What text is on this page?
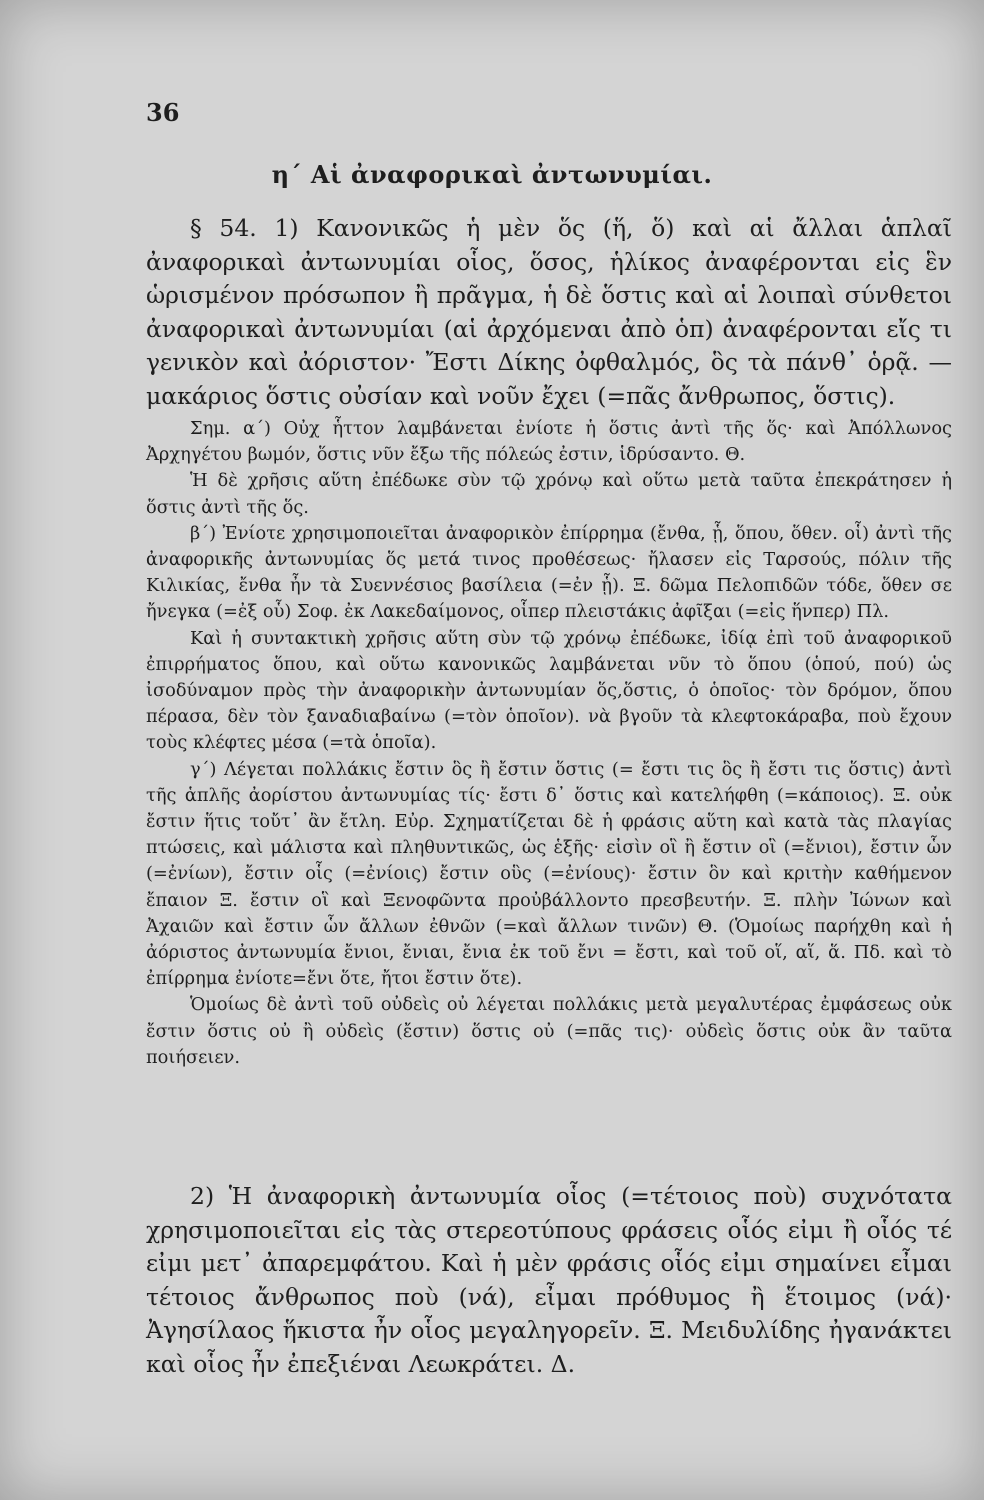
36
η΄ Αἱ ἀναφορικαὶ ἀντωνυμίαι.

§ 54. 1) Κανονικῶς ἡ μὲν ὅς (ἥ, ὅ) καὶ αἱ ἄλλαι ἁπλαῖ ἀναφορικαὶ ἀντωνυμίαι οἷος, ὅσος, ἡλίκος ἀναφέρονται εἰς ἓν ὡρισμένον πρόσωπον ἢ πρᾶγμα, ἡ δὲ ὅστις καὶ αἱ λοιπαὶ σύνθετοι ἀναφορικαὶ ἀντωνυμίαι (αἱ ἀρχόμεναι ἀπὸ ὁπ) ἀναφέρονται εἴς τι γενικὸν καὶ ἀόριστον· Ἔστι Δίκης ὀφθαλμός, ὃς τὰ πάνθ᾽ ὁρᾷ. —μακάριος ὅστις οὐσίαν καὶ νοῦν ἔχει (=πᾶς ἄνθρωπος, ὅστις).

Σημ. α΄) Οὐχ ἧττον λαμβάνεται ἐνίοτε ἡ ὅστις ἀντὶ τῆς ὅς· καὶ Ἀπόλλωνος Ἀρχηγέτου βωμόν, ὅστις νῦν ἔξω τῆς πόλεώς ἐστιν, ἱδρύσαντο. Θ.

Ἡ δὲ χρῆσις αὕτη ἐπέδωκε σὺν τῷ χρόνῳ καὶ οὕτω μετὰ ταῦτα ἐπεκράτησεν ἡ ὅστις ἀντὶ τῆς ὅς.

β΄) Ἐνίοτε χρησιμοποιεῖται ἀναφορικὸν ἐπίρρημα (ἔνθα, ᾗ, ὅπου, ὅθεν. οἷ) ἀντὶ τῆς ἀναφορικῆς ἀντωνυμίας ὅς μετά τινος προθέσεως· ἤλασεν εἰς Ταρσούς, πόλιν τῆς Κιλικίας, ἔνθα ἦν τὰ Συεννέσιος βασίλεια (=ἐν ᾗ). Ξ. δῶμα Πελοπιδῶν τόδε, ὅθεν σε ἤνεγκα (=ἐξ οὗ) Σοφ. ἐκ Λακεδαίμονος, οἷπερ πλειστάκις ἀφῖξαι (=εἰς ἥνπερ) Πλ.

Καὶ ἡ συντακτικὴ χρῆσις αὕτη σὺν τῷ χρόνῳ ἐπέδωκε, ἰδίᾳ ἐπὶ τοῦ ἀναφορικοῦ ἐπιρρήματος ὅπου, καὶ οὕτω κανονικῶς λαμβάνεται νῦν τὸ ὅπου (ὁπού, πού) ὡς ἰσοδύναμον πρὸς τὴν ἀναφορικὴν ἀντωνυμίαν ὅς,ὅστις, ὁ ὁποῖος· τὸν δρόμον, ὅπου πέρασα, δὲν τὸν ξαναδιαβαίνω (=τὸν ὁποῖον). νὰ βγοῦν τὰ κλεφτοκάραβα, ποὺ ἔχουν τοὺς κλέφτες μέσα (=τὰ ὁποῖα).

γ΄) Λέγεται πολλάκις ἔστιν ὃς ἢ ἔστιν ὅστις (= ἔστι τις ὃς ἢ ἔστι τις ὅστις) ἀντὶ τῆς ἁπλῆς ἀορίστου ἀντωνυμίας τίς· ἔστι δ᾽ ὅστις καὶ κατελήφθη (=κάποιος). Ξ. οὐκ ἔστιν ἥτις τοὔτ᾽ ἂν ἔτλη. Εὐρ. Σχηματίζεται δὲ ἡ φράσις αὕτη καὶ κατὰ τὰς πλαγίας πτώσεις, καὶ μάλιστα καὶ πληθυντικῶς, ὡς ἑξῆς· εἰσὶν οἳ ἢ ἔστιν οἳ (=ἔνιοι), ἔστιν ὧν (=ἐνίων), ἔστιν οἷς (=ἐνίοις) ἔστιν οὓς (=ἐνίους)· ἔστιν ὃν καὶ κριτὴν καθήμενον ἔπαιον Ξ. ἔστιν οἳ καὶ Ξενοφῶντα προὐβάλλοντο πρεσβευτήν. Ξ. πλὴν Ἰώνων καὶ Ἀχαιῶν καὶ ἔστιν ὧν ἄλλων ἐθνῶν (=καὶ ἄλλων τινῶν) Θ. (Ὁμοίως παρήχθη καὶ ἡ ἀόριστος ἀντωνυμία ἔνιοι, ἔνιαι, ἔνια ἐκ τοῦ ἔνι = ἔστι, καὶ τοῦ οἵ, αἵ, ἅ. Πδ. καὶ τὸ ἐπίρρημα ἐνίοτε=ἔνι ὅτε, ἤτοι ἔστιν ὅτε).

Ὁμοίως δὲ ἀντὶ τοῦ οὐδεὶς οὐ λέγεται πολλάκις μετὰ μεγαλυτέρας ἐμφάσεως οὐκ ἔστιν ὅστις οὐ ἢ οὐδεὶς (ἔστιν) ὅστις οὐ (=πᾶς τις)· οὐδεὶς ὅστις οὐκ ἂν ταῦτα ποιήσειεν.

2) Ἡ ἀναφορικὴ ἀντωνυμία οἷος (=τέτοιος ποὺ) συχνότατα χρησιμοποιεῖται εἰς τὰς στερεοτύπους φράσεις οἷός εἰμι ἢ οἷός τέ εἰμι μετ᾽ ἀπαρεμφάτου. Καὶ ἡ μὲν φράσις οἷός εἰμι σημαίνει εἶμαι τέτοιος ἄνθρωπος ποὺ (νά), εἶμαι πρόθυμος ἢ ἕτοιμος (νά)· Ἀγησίλαος ἥκιστα ἦν οἷος μεγαληγορεῖν. Ξ. Μειδυλίδης ἠγανάκτει καὶ οἷος ἦν ἐπεξιέναι Λεωκράτει. Δ.
